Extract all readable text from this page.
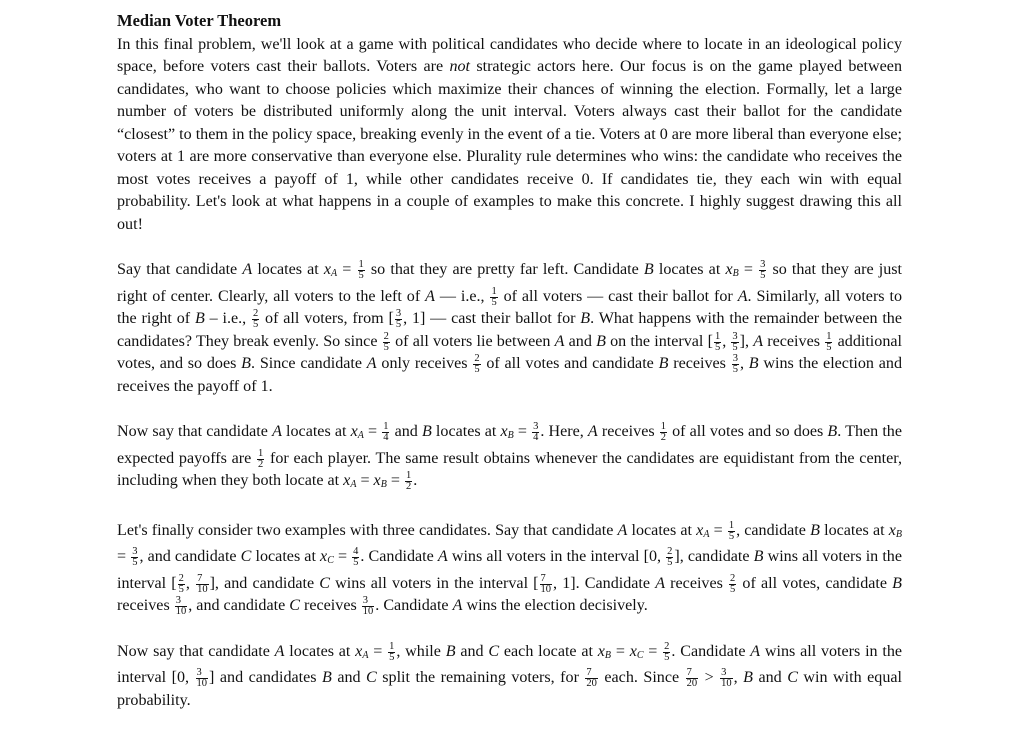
Median Voter Theorem

In this final problem, we'll look at a game with political candidates who decide where to locate in an ideological policy space, before voters cast their ballots. Voters are not strategic actors here. Our focus is on the game played between candidates, who want to choose policies which maximize their chances of winning the election. Formally, let a large number of voters be distributed uniformly along the unit interval. Voters always cast their ballot for the candidate “closest” to them in the policy space, breaking evenly in the event of a tie. Voters at 0 are more liberal than everyone else; voters at 1 are more conservative than everyone else. Plurality rule determines who wins: the candidate who receives the most votes receives a payoff of 1, while other candidates receive 0. If candidates tie, they each win with equal probability. Let's look at what happens in a couple of examples to make this concrete. I highly suggest drawing this all out!

Say that candidate A locates at $x_A = \frac{1}{5}$ so that they are pretty far left. Candidate B locates at $x_B = \frac{3}{5}$ so that they are just right of center. Clearly, all voters to the left of A — i.e., $\frac{1}{5}$ of all voters — cast their ballot for A. Similarly, all voters to the right of B – i.e., $\frac{2}{5}$ of all voters, from [ $\frac{3}{5}$ , 1] — cast their ballot for B. What happens with the remainder between the candidates? They break evenly. So since $\frac{2}{5}$ of all voters lie between A and B on the interval [ $\frac{1}{5}$ , $\frac{3}{5}$ ], A receives $\frac{1}{5}$ additional votes, and so does B. Since candidate A only receives $\frac{2}{5}$ of all votes and candidate B receives $\frac{3}{5}$ , B wins the election and receives the payoff of 1.

Now say that candidate A locates at $x_A = \frac{1}{4}$ and B locates at $x_B = \frac{3}{4}$ . Here, A receives $\frac{1}{2}$ of all votes and so does B. Then the expected payoffs are $\frac{1}{2}$ for each player. The same result obtains whenever the candidates are equidistant from the center, including when they both locate at $x_A = x_B = \frac{1}{2}$ .

Let's finally consider two examples with three candidates. Say that candidate A locates at $x_A = \frac{1}{5}$ , candidate B locates at $x_B = \frac{3}{5}$ , and candidate C locates at $x_C = \frac{4}{5}$ . Candidate A wins all voters in the interval [0, $\frac{2}{5}$ ], candidate B wins all voters in the interval [ $\frac{2}{5}$ , $\frac{7}{10}$ ], and candidate C wins all voters in the interval [ $\frac{7}{10}$ , 1]. Candidate A receives $\frac{2}{5}$ of all votes, candidate B receives $\frac{3}{10}$ , and candidate C receives $\frac{3}{10}$ . Candidate A wins the election decisively.

Now say that candidate A locates at $x_A = \frac{1}{5}$ , while B and C each locate at $x_B = x_C = \frac{2}{5}$ . Candidate A wins all voters in the interval [0, $\frac{3}{10}$ ] and candidates B and C split the remaining voters, for $\frac{7}{20}$ each. Since $\frac{7}{20} > \frac{3}{10}$ , B and C win with equal probability.
